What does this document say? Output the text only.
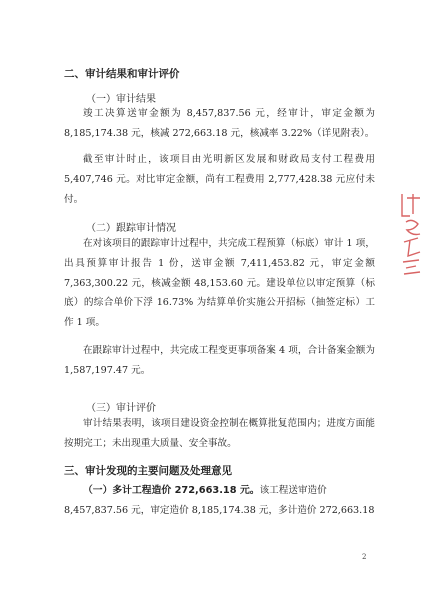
二、审计结果和审计评价
（一）审计结果

竣工决算送审金额为 8,457,837.56 元，经审计，审定金额为 8,185,174.38 元，核减 272,663.18 元，核减率 3.22%（详见附表）。

截至审计时止，该项目由光明新区发展和财政局支付工程费用 5,407,746 元。对比审定金额，尚有工程费用 2,777,428.38 元应付未付。

（二）跟踪审计情况

在对该项目的跟踪审计过程中，共完成工程预算（标底）审计 1 项，出具预算审计报告 1 份，送审金额 7,411,453.82 元，审定金额 7,363,300.22 元，核减金额 48,153.60 元。建设单位以审定预算（标底）的综合单价下浮 16.73% 为结算单价实施公开招标（抽签定标）工作 1 项。

在跟踪审计过程中，共完成工程变更事项备案 4 项，合计备案金额为 1,587,197.47 元。

（三）审计评价

审计结果表明，该项目建设资金控制在概算批复范围内；进度方面能按期完工；未出现重大质量、安全事故。

三、审计发现的主要问题及处理意见

（一）多计工程造价 272,663.18 元。该工程送审造价 8,457,837.56 元，审定造价 8,185,174.38 元，多计造价 272,663.18

2
